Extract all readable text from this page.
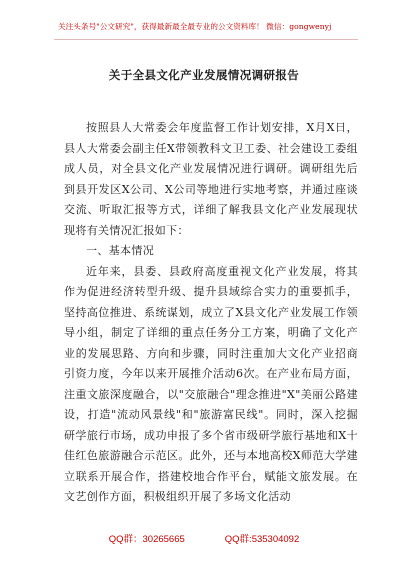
关注头条号"公文研究"，获得最新最全最专业的公文资料库！ 微信：gongwenyj
关于全县文化产业发展情况调研报告

按照县人大常委会年度监督工作计划安排，X月X日，县人大常委会副主任X带领教科文卫工委、社会建设工委组成人员，对全县文化产业发展情况进行调研。调研组先后到县开发区X公司、X公司等地进行实地考察，并通过座谈交流、听取汇报等方式，详细了解我县文化产业发展现状现将有关情况汇报如下：

一、基本情况

近年来，县委、县政府高度重视文化产业发展，将其作为促进经济转型升级、提升县域综合实力的重要抓手，坚持高位推进、系统谋划，成立了X县文化产业发展工作领导小组，制定了详细的重点任务分工方案，明确了文化产业的发展思路、方向和步骤，同时注重加大文化产业招商引资力度，今年以来开展推介活动6次。在产业布局方面，注重文旅深度融合，以"交旅融合"理念推进"X"美丽公路建设，打造"流动风景线"和"旅游富民线"。同时，深入挖掘研学旅行市场，成功申报了多个省市级研学旅行基地和X十佳红色旅游融合示范区。此外，还与本地高校X师范大学建立联系开展合作，搭建校地合作平台，赋能文旅发展。在文艺创作方面，积极组织开展了多场文化活动

QQ群：30265665	QQ群:535304092
